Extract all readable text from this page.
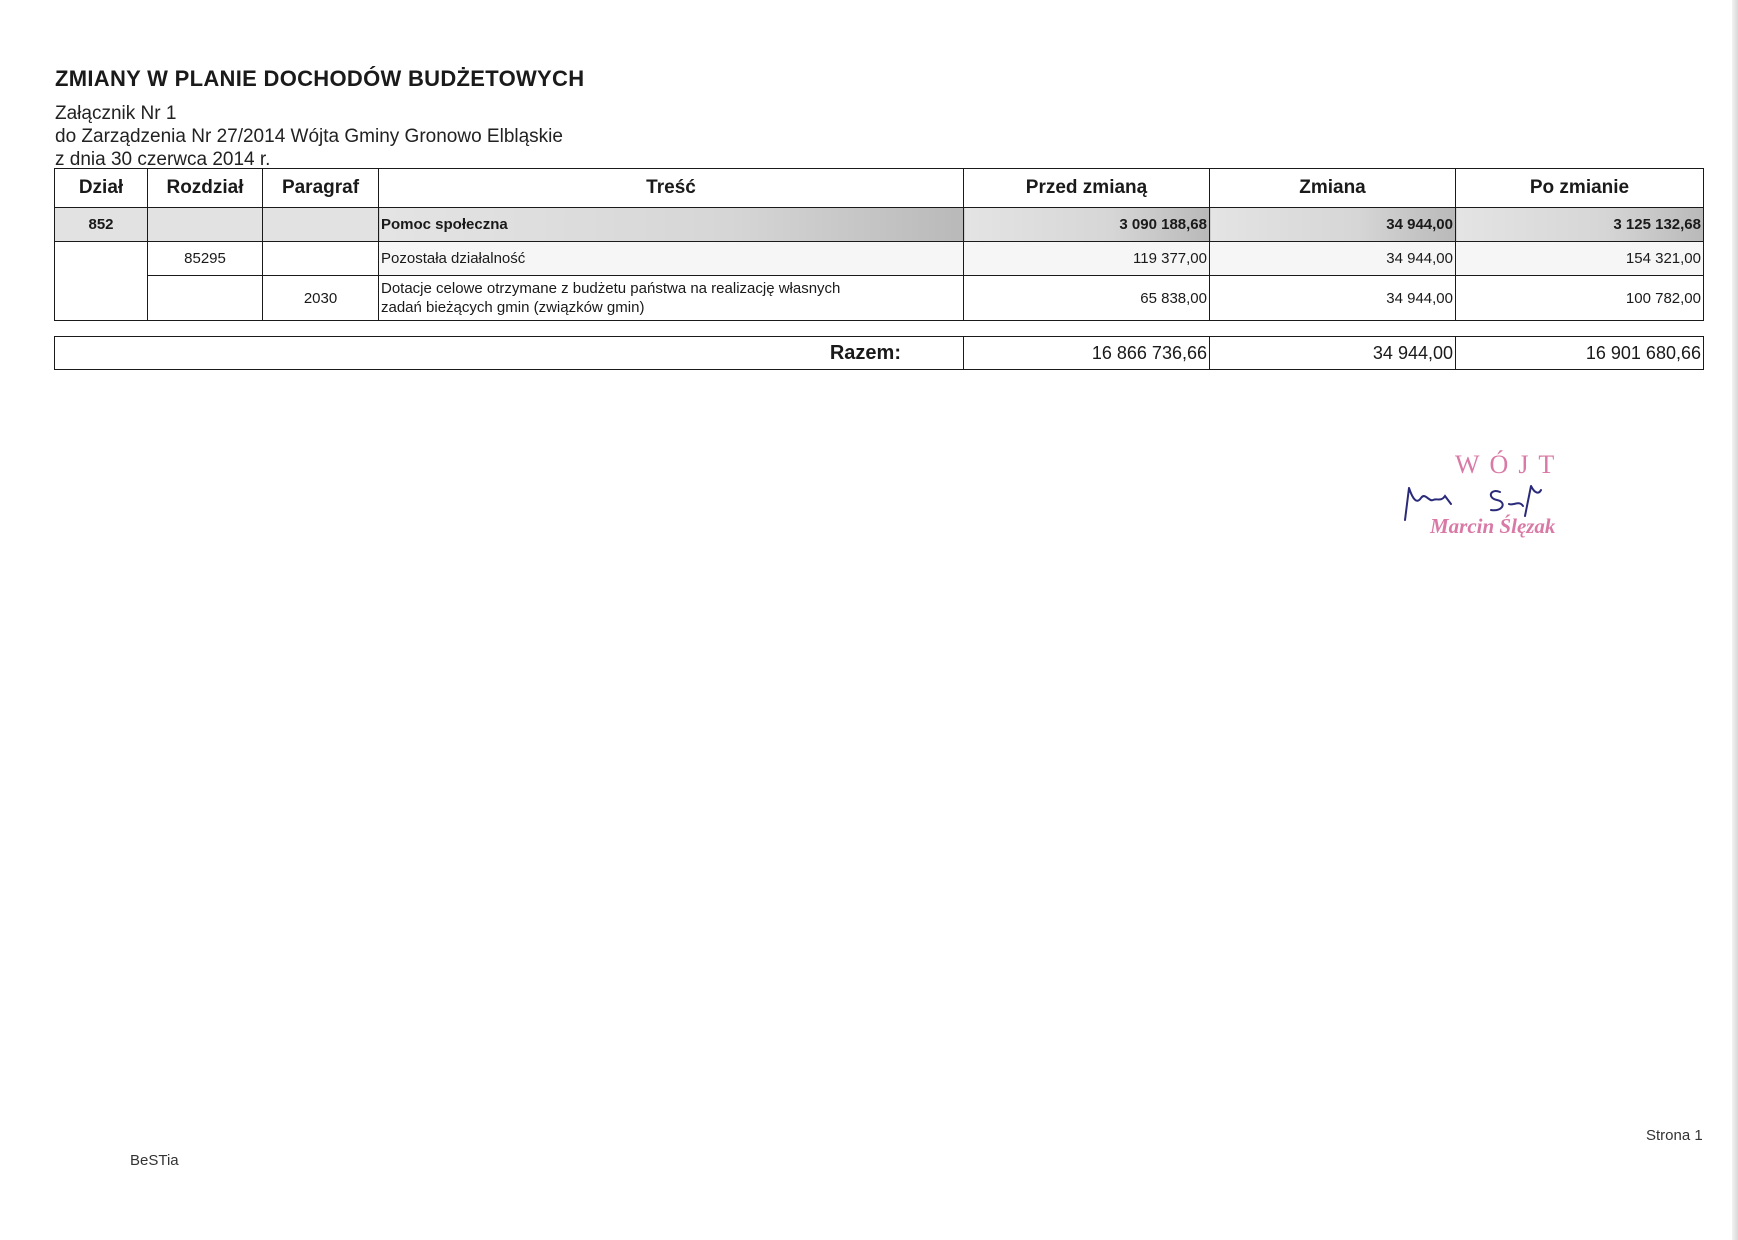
ZMIANY W PLANIE DOCHODÓW BUDŻETOWYCH
Załącznik Nr 1
do Zarządzenia Nr 27/2014 Wójta Gminy Gronowo Elbląskie
z dnia 30 czerwca 2014 r.
Dział	Rozdział	Paragraf	Treść	Przed zmianą	Zmiana	Po zmianie
852			Pomoc społeczna	3 090 188,68	34 944,00	3 125 132,68
	85295		Pozostała działalność	119 377,00	34 944,00	154 321,00
		2030	Dotacje celowe otrzymane z budżetu państwa na realizację własnych
zadań bieżących gmin (związków gmin)	65 838,00	34 944,00	100 782,00
Razem:	16 866 736,66	34 944,00	16 901 680,66
WÓJT
Marcin Ślęzak
BeSTia
Strona 1
